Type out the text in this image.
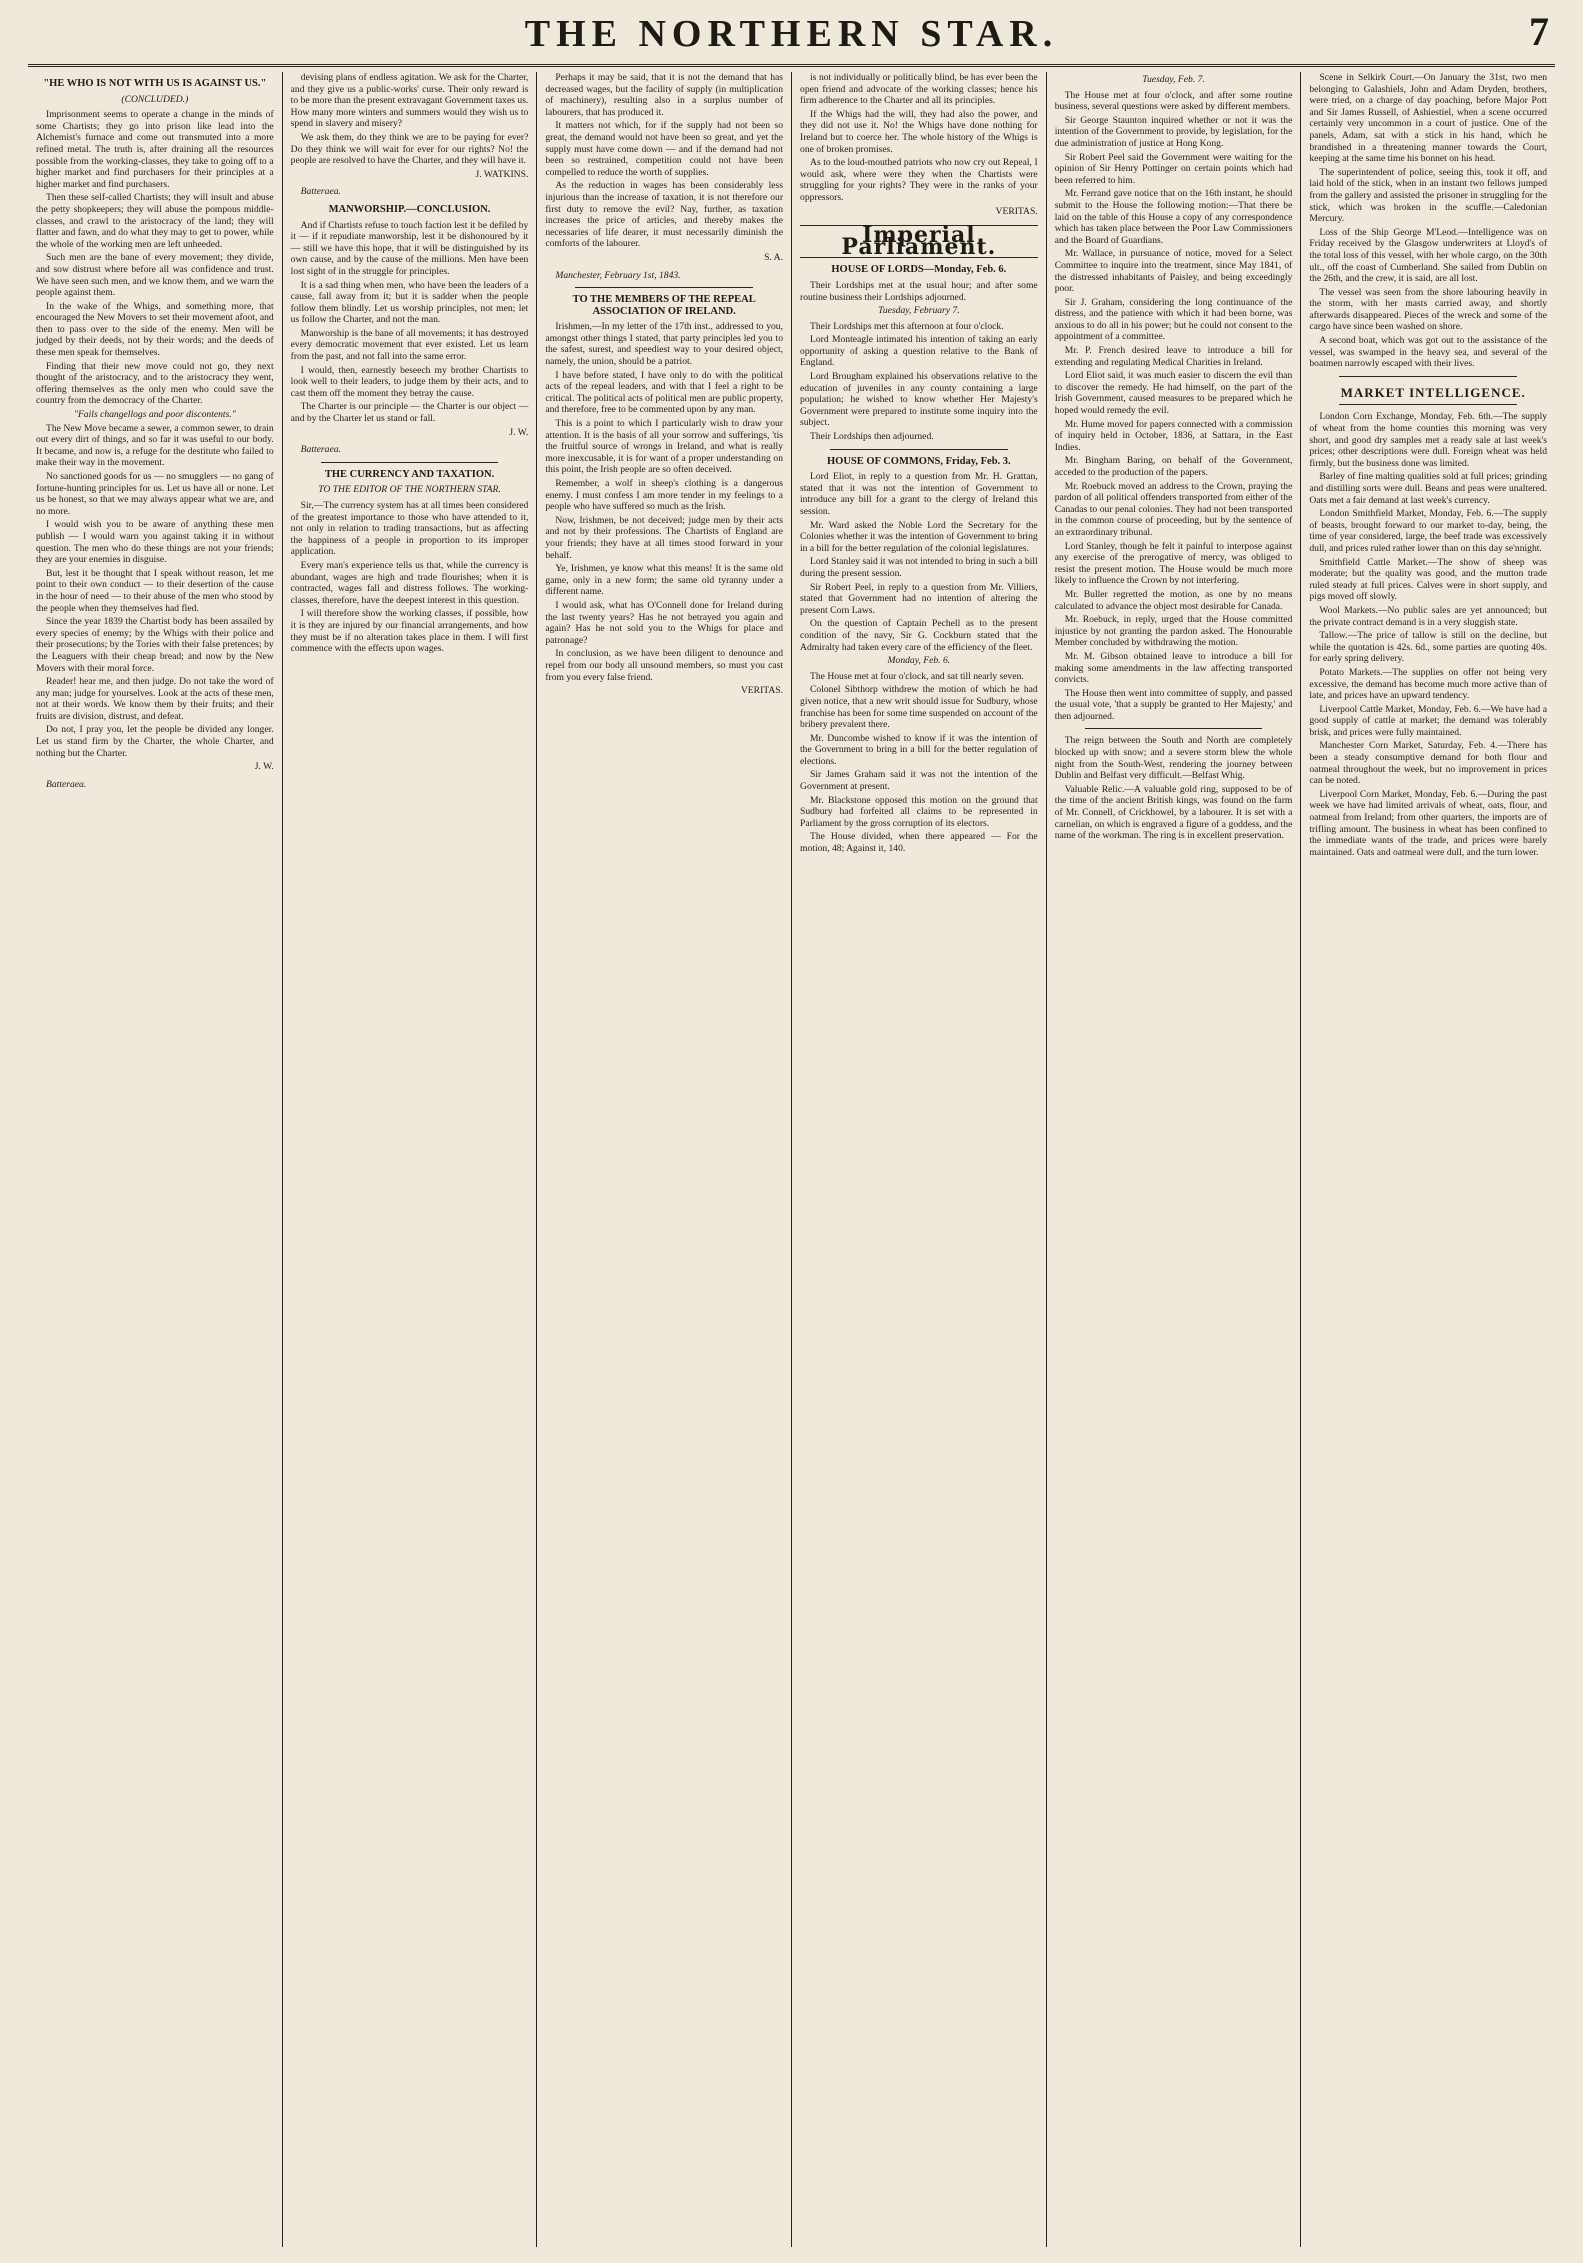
THE NORTHERN STAR.	7

"HE WHO IS NOT WITH US IS AGAINST US."

(CONCLUDED.)

Imprisonment seems to operate a change in the minds of some Chartists; they go into prison like lead into the Alchemist's furnace and come out transmuted into a more refined metal. The truth is, after draining all the resources possible from the working-classes, they take to going off to a higher market and find purchasers for their principles at a higher market and find purchasers.

Then these self-called Chartists; they will insult and abuse the petty shopkeepers; they will abuse the pompous middle-classes, and crawl to the aristocracy of the land; they will flatter and fawn, and do what they may to get to power, while the whole of the working men are left unheeded.

Such men are the bane of every movement; they divide, and sow distrust where before all was confidence and trust. We have seen such men, and we know them, and we warn the people against them.

In the wake of the Whigs, and something more, that encouraged the New Movers to set their movement afoot, and then to pass over to the side of the enemy. Men will be judged by their deeds, not by their words; and the deeds of these men speak for themselves.

Finding that their new move could not go, they next thought of the aristocracy, and to the aristocracy they went, offering themselves as the only men who could save the country from the democracy of the Charter.

"Fails changellogs and poor discontents."

The New Move became a sewer, a common sewer, to drain out every dirt of things, and so far it was useful to our body. It became, and now is, a refuge for the destitute who failed to make their way in the movement.

No sanctioned goods for us — no smugglers — no gang of fortune-hunting principles for us. Let us have all or none. Let us be honest, so that we may always appear what we are, and no more.

I would wish you to be aware of anything these men publish — I would warn you against taking it in without question. The men who do these things are not your friends; they are your enemies in disguise.

But, lest it be thought that I speak without reason, let me point to their own conduct — to their desertion of the cause in the hour of need — to their abuse of the men who stood by the people when they themselves had fled.

Since the year 1839 the Chartist body has been assailed by every species of enemy; by the Whigs with their police and their prosecutions; by the Tories with their false pretences; by the Leaguers with their cheap bread; and now by the New Movers with their moral force.

Reader! hear me, and then judge. Do not take the word of any man; judge for yourselves. Look at the acts of these men, not at their words. We know them by their fruits; and their fruits are division, distrust, and defeat.

Do not, I pray you, let the people be divided any longer. Let us stand firm by the Charter, the whole Charter, and nothing but the Charter.

J. W.

Batteraea.

devising plans of endless agitation. We ask for the Charter, and they give us a public-works' curse. Their only reward is to be more than the present extravagant Government taxes us. How many more winters and summers would they wish us to spend in slavery and misery?

We ask them, do they think we are to be paying for ever? Do they think we will wait for ever for our rights? No! the people are resolved to have the Charter, and they will have it.

J. WATKINS.

Batteraea.

MANWORSHIP.—CONCLUSION.

And if Chartists refuse to touch faction lest it be defiled by it — if it repudiate manworship, lest it be dishonoured by it — still we have this hope, that it will be distinguished by its own cause, and by the cause of the millions. Men have been lost sight of in the struggle for principles.

It is a sad thing when men, who have been the leaders of a cause, fall away from it; but it is sadder when the people follow them blindly. Let us worship principles, not men; let us follow the Charter, and not the man.

Manworship is the bane of all movements; it has destroyed every democratic movement that ever existed. Let us learn from the past, and not fall into the same error.

I would, then, earnestly beseech my brother Chartists to look well to their leaders, to judge them by their acts, and to cast them off the moment they betray the cause.

The Charter is our principle — the Charter is our object — and by the Charter let us stand or fall.

J. W.

Batteraea.

THE CURRENCY AND TAXATION.

TO THE EDITOR OF THE NORTHERN STAR.

Sir,—The currency system has at all times been considered of the greatest importance to those who have attended to it, not only in relation to trading transactions, but as affecting the happiness of a people in proportion to its improper application.

Every man's experience tells us that, while the currency is abundant, wages are high and trade flourishes; when it is contracted, wages fall and distress follows. The working-classes, therefore, have the deepest interest in this question.

I will therefore show the working classes, if possible, how it is they are injured by our financial arrangements, and how they must be if no alteration takes place in them. I will first commence with the effects upon wages.

Perhaps it may be said, that it is not the demand that has decreased wages, but the facility of supply (in multiplication of machinery), resulting also in a surplus number of labourers, that has produced it.

It matters not which, for if the supply had not been so great, the demand would not have been so great, and yet the supply must have come down — and if the demand had not been so restrained, competition could not have been compelled to reduce the worth of supplies.

As the reduction in wages has been considerably less injurious than the increase of taxation, it is not therefore our first duty to remove the evil? Nay, further, as taxation increases the price of articles, and thereby makes the necessaries of life dearer, it must necessarily diminish the comforts of the labourer.

S. A.

Manchester, February 1st, 1843.

TO THE MEMBERS OF THE REPEAL ASSOCIATION OF IRELAND.

Irishmen,—In my letter of the 17th inst., addressed to you, amongst other things I stated, that party principles led you to the safest, surest, and speediest way to your desired object, namely, the union, should be a patriot.

I have before stated, I have only to do with the political acts of the repeal leaders, and with that I feel a right to be critical. The political acts of political men are public property, and therefore, free to be commented upon by any man.

This is a point to which I particularly wish to draw your attention. It is the basis of all your sorrow and sufferings, 'tis the fruitful source of wrongs in Ireland, and what is really more inexcusable, it is for want of a proper understanding on this point, the Irish people are so often deceived.

Remember, a wolf in sheep's clothing is a dangerous enemy. I must confess I am more tender in my feelings to a people who have suffered so much as the Irish.

Now, Irishmen, be not deceived; judge men by their acts and not by their professions. The Chartists of England are your friends; they have at all times stood forward in your behalf.

Ye, Irishmen, ye know what this means! It is the same old game, only in a new form; the same old tyranny under a different name.

I would ask, what has O'Connell done for Ireland during the last twenty years? Has he not betrayed you again and again? Has he not sold you to the Whigs for place and patronage?

In conclusion, as we have been diligent to denounce and repel from our body all unsound members, so must you cast from you every false friend.

VERITAS.

is not individually or politically blind, be has ever been the open friend and advocate of the working classes; hence his firm adherence to the Charter and all its principles.

If the Whigs had the will, they had also the power, and they did not use it. No! the Whigs have done nothing for Ireland but to coerce her. The whole history of the Whigs is one of broken promises.

As to the loud-mouthed patriots who now cry out Repeal, I would ask, where were they when the Chartists were struggling for your rights? They were in the ranks of your oppressors.

VERITAS.

Imperial Parliament.

HOUSE OF LORDS—Monday, Feb. 6.

Their Lordships met at the usual hour; and after some routine business their Lordships adjourned.

Tuesday, February 7.

Their Lordships met this afternoon at four o'clock.

Lord Monteagle intimated his intention of taking an early opportunity of asking a question relative to the Bank of England.

Lord Brougham explained his observations relative to the education of juveniles in any county containing a large population; he wished to know whether Her Majesty's Government were prepared to institute some inquiry into the subject.

Their Lordships then adjourned.

HOUSE OF COMMONS, Friday, Feb. 3.

Lord Eliot, in reply to a question from Mr. H. Grattan, stated that it was not the intention of Government to introduce any bill for a grant to the clergy of Ireland this session.

Mr. Ward asked the Noble Lord the Secretary for the Colonies whether it was the intention of Government to bring in a bill for the better regulation of the colonial legislatures.

Lord Stanley said it was not intended to bring in such a bill during the present session.

Sir Robert Peel, in reply to a question from Mr. Villiers, stated that Government had no intention of altering the present Corn Laws.

On the question of Captain Pechell as to the present condition of the navy, Sir G. Cockburn stated that the Admiralty had taken every care of the efficiency of the fleet.

Monday, Feb. 6.

The House met at four o'clock, and sat till nearly seven.

Colonel Sibthorp withdrew the motion of which he had given notice, that a new writ should issue for Sudbury, whose franchise has been for some time suspended on account of the bribery prevalent there.

Mr. Duncombe wished to know if it was the intention of the Government to bring in a bill for the better regulation of elections.

Sir James Graham said it was not the intention of the Government at present.

Mr. Blackstone opposed this motion on the ground that Sudbury had forfeited all claims to be represented in Parliament by the gross corruption of its electors.

The House divided, when there appeared — For the motion, 48; Against it, 140.

Tuesday, Feb. 7.

The House met at four o'clock, and after some routine business, several questions were asked by different members.

Sir George Staunton inquired whether or not it was the intention of the Government to provide, by legislation, for the due administration of justice at Hong Kong.

Sir Robert Peel said the Government were waiting for the opinion of Sir Henry Pottinger on certain points which had been referred to him.

Mr. Ferrand gave notice that on the 16th instant, he should submit to the House the following motion:—That there be laid on the table of this House a copy of any correspondence which has taken place between the Poor Law Commissioners and the Board of Guardians.

Mr. Wallace, in pursuance of notice, moved for a Select Committee to inquire into the treatment, since May 1841, of the distressed inhabitants of Paisley, and being exceedingly poor.

Sir J. Graham, considering the long continuance of the distress, and the patience with which it had been borne, was anxious to do all in his power; but he could not consent to the appointment of a committee.

Mr. P. French desired leave to introduce a bill for extending and regulating Medical Charities in Ireland.

Lord Eliot said, it was much easier to discern the evil than to discover the remedy. He had himself, on the part of the Irish Government, caused measures to be prepared which he hoped would remedy the evil.

Mr. Hume moved for papers connected with a commission of inquiry held in October, 1836, at Sattara, in the East Indies.

Mr. Bingham Baring, on behalf of the Government, acceded to the production of the papers.

Mr. Roebuck moved an address to the Crown, praying the pardon of all political offenders transported from either of the Canadas to our penal colonies. They had not been transported in the common course of proceeding, but by the sentence of an extraordinary tribunal.

Lord Stanley, though he felt it painful to interpose against any exercise of the prerogative of mercy, was obliged to resist the present motion. The House would be much more likely to influence the Crown by not interfering.

Mr. Buller regretted the motion, as one by no means calculated to advance the object most desirable for Canada.

Mr. Roebuck, in reply, urged that the House committed injustice by not granting the pardon asked. The Honourable Member concluded by withdrawing the motion.

Mr. M. Gibson obtained leave to introduce a bill for making some amendments in the law affecting transported convicts.

The House then went into committee of supply, and passed the usual vote, 'that a supply be granted to Her Majesty,' and then adjourned.

The reign between the South and North are completely blocked up with snow; and a severe storm blew the whole night from the South-West, rendering the journey between Dublin and Belfast very difficult.—Belfast Whig.

Valuable Relic.—A valuable gold ring, supposed to be of the time of the ancient British kings, was found on the farm of Mr. Connell, of Crickhowel, by a labourer. It is set with a carnelian, on which is engraved a figure of a goddess, and the name of the workman. The ring is in excellent preservation.

Scene in Selkirk Court.—On January the 31st, two men belonging to Galashiels, John and Adam Dryden, brothers, were tried, on a charge of day poaching, before Major Pott and Sir James Russell, of Ashiestiel, when a scene occurred certainly very uncommon in a court of justice. One of the panels, Adam, sat with a stick in his hand, which he brandished in a threatening manner towards the Court, keeping at the same time his bonnet on his head.

The superintendent of police, seeing this, took it off, and laid hold of the stick, when in an instant two fellows jumped from the gallery and assisted the prisoner in struggling for the stick, which was broken in the scuffle.—Caledonian Mercury.

Loss of the Ship George M'Leod.—Intelligence was on Friday received by the Glasgow underwriters at Lloyd's of the total loss of this vessel, with her whole cargo, on the 30th ult., off the coast of Cumberland. She sailed from Dublin on the 26th, and the crew, it is said, are all lost.

The vessel was seen from the shore labouring heavily in the storm, with her masts carried away, and shortly afterwards disappeared. Pieces of the wreck and some of the cargo have since been washed on shore.

A second boat, which was got out to the assistance of the vessel, was swamped in the heavy sea, and several of the boatmen narrowly escaped with their lives.

MARKET INTELLIGENCE.

London Corn Exchange, Monday, Feb. 6th.—The supply of wheat from the home counties this morning was very short, and good dry samples met a ready sale at last week's prices; other descriptions were dull. Foreign wheat was held firmly, but the business done was limited.

Barley of fine malting qualities sold at full prices; grinding and distilling sorts were dull. Beans and peas were unaltered. Oats met a fair demand at last week's currency.

London Smithfield Market, Monday, Feb. 6.—The supply of beasts, brought forward to our market to-day, being, the time of year considered, large, the beef trade was excessively dull, and prices ruled rather lower than on this day se'nnight.

Smithfield Cattle Market.—The show of sheep was moderate; but the quality was good, and the mutton trade ruled steady at full prices. Calves were in short supply, and pigs moved off slowly.

Wool Markets.—No public sales are yet announced; but the private contract demand is in a very sluggish state.

Tallow.—The price of tallow is still on the decline, but while the quotation is 42s. 6d., some parties are quoting 40s. for early spring delivery.

Potato Markets.—The supplies on offer not being very excessive, the demand has become much more active than of late, and prices have an upward tendency.

Liverpool Cattle Market, Monday, Feb. 6.—We have had a good supply of cattle at market; the demand was tolerably brisk, and prices were fully maintained.

Manchester Corn Market, Saturday, Feb. 4.—There has been a steady consumptive demand for both flour and oatmeal throughout the week, but no improvement in prices can be noted.

Liverpool Corn Market, Monday, Feb. 6.—During the past week we have had limited arrivals of wheat, oats, flour, and oatmeal from Ireland; from other quarters, the imports are of trifling amount. The business in wheat has been confined to the immediate wants of the trade, and prices were barely maintained. Oats and oatmeal were dull, and the turn lower.
